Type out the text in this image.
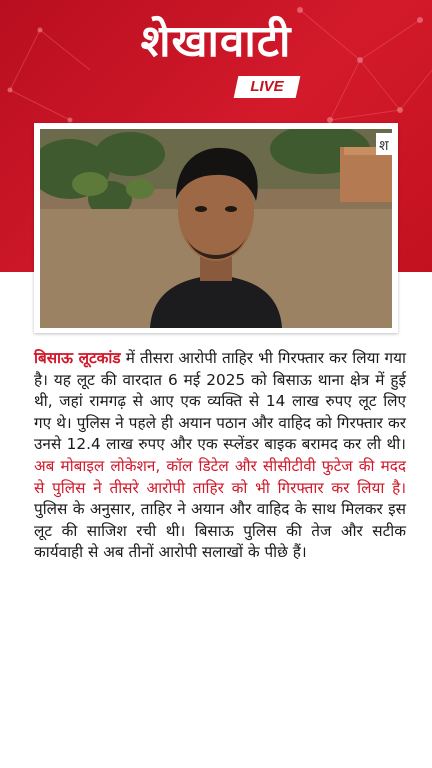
शेखावाटी
LIVE
श
बिसाऊ लूटकांड में तीसरा आरोपी ताहिर भी गिरफ्तार कर लिया गया है। यह लूट की वारदात 6 मई 2025 को बिसाऊ थाना क्षेत्र में हुई थी, जहां रामगढ़ से आए एक व्यक्ति से 14 लाख रुपए लूट लिए गए थे। पुलिस ने पहले ही अयान पठान और वाहिद को गिरफ्तार कर उनसे 12.4 लाख रुपए और एक स्प्लेंडर बाइक बरामद कर ली थी। अब मोबाइल लोकेशन, कॉल डिटेल और सीसीटीवी फुटेज की मदद से पुलिस ने तीसरे आरोपी ताहिर को भी गिरफ्तार कर लिया है। पुलिस के अनुसार, ताहिर ने अयान और वाहिद के साथ मिलकर इस लूट की साजिश रची थी। बिसाऊ पुलिस की तेज और सटीक कार्यवाही से अब तीनों आरोपी सलाखों के पीछे हैं।
